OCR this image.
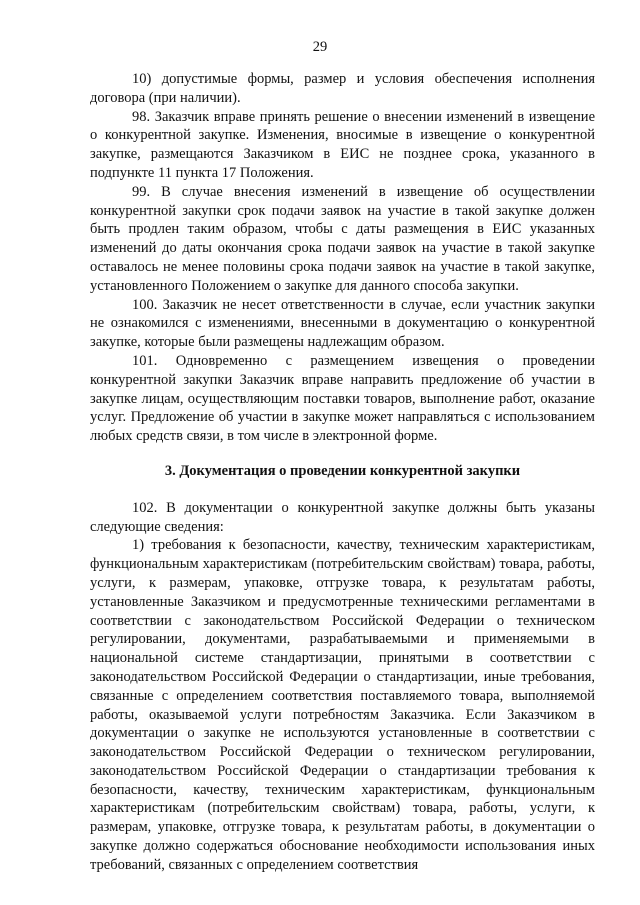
29

10) допустимые формы, размер и условия обеспечения исполнения договора (при наличии).

98. Заказчик вправе принять решение о внесении изменений в извещение о конкурентной закупке. Изменения, вносимые в извещение о конкурентной закупке, размещаются Заказчиком в ЕИС не позднее срока, указанного в подпункте 11 пункта 17 Положения.

99. В случае внесения изменений в извещение об осуществлении конкурентной закупки срок подачи заявок на участие в такой закупке должен быть продлен таким образом, чтобы с даты размещения в ЕИС указанных изменений до даты окончания срока подачи заявок на участие в такой закупке оставалось не менее половины срока подачи заявок на участие в такой закупке, установленного Положением о закупке для данного способа закупки.

100. Заказчик не несет ответственности в случае, если участник закупки не ознакомился с изменениями, внесенными в документацию о конкурентной закупке, которые были размещены надлежащим образом.

101. Одновременно с размещением извещения о проведении конкурентной закупки Заказчик вправе направить предложение об участии в закупке лицам, осуществляющим поставки товаров, выполнение работ, оказание услуг. Предложение об участии в закупке может направляться с использованием любых средств связи, в том числе в электронной форме.

3. Документация о проведении конкурентной закупки

102. В документации о конкурентной закупке должны быть указаны следующие сведения:

1) требования к безопасности, качеству, техническим характеристикам, функциональным характеристикам (потребительским свойствам) товара, работы, услуги, к размерам, упаковке, отгрузке товара, к результатам работы, установленные Заказчиком и предусмотренные техническими регламентами в соответствии с законодательством Российской Федерации о техническом регулировании, документами, разрабатываемыми и применяемыми в национальной системе стандартизации, принятыми в соответствии с законодательством Российской Федерации о стандартизации, иные требования, связанные с определением соответствия поставляемого товара, выполняемой работы, оказываемой услуги потребностям Заказчика. Если Заказчиком в документации о закупке не используются установленные в соответствии с законодательством Российской Федерации о техническом регулировании, законодательством Российской Федерации о стандартизации требования к безопасности, качеству, техническим характеристикам, функциональным характеристикам (потребительским свойствам) товара, работы, услуги, к размерам, упаковке, отгрузке товара, к результатам работы, в документации о закупке должно содержаться обоснование необходимости использования иных требований, связанных с определением соответствия
